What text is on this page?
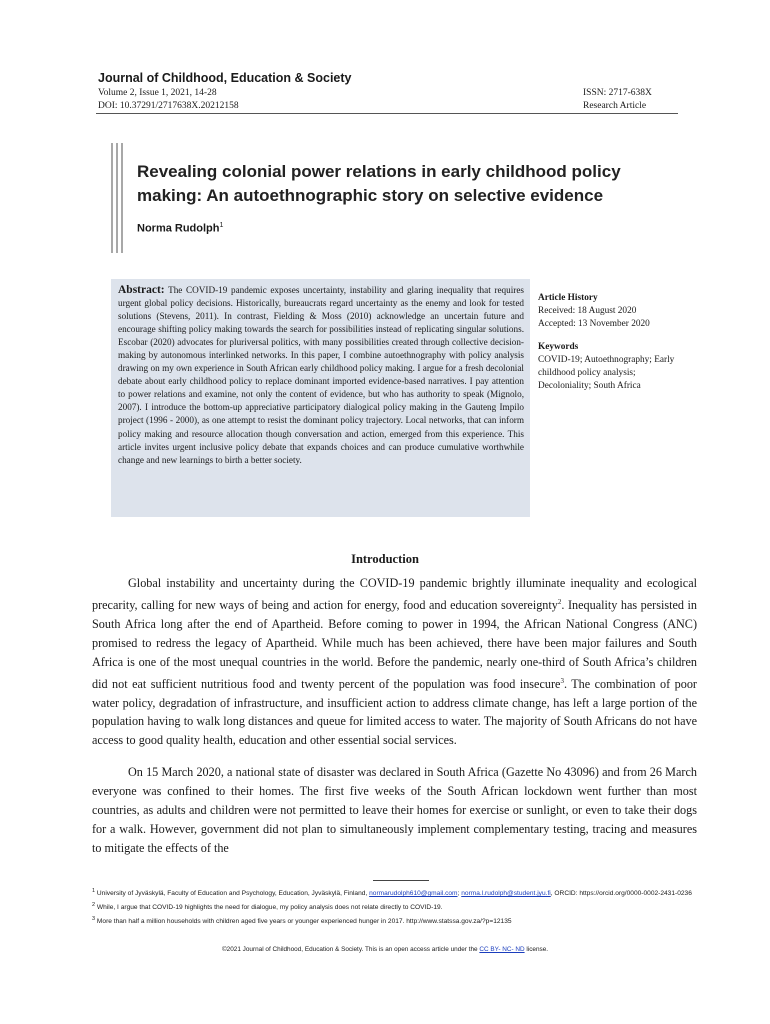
Journal of Childhood, Education & Society
Volume 2, Issue 1, 2021, 14-28
DOI: 10.37291/2717638X.20212158
ISSN: 2717-638X
Research Article
Revealing colonial power relations in early childhood policy making: An autoethnographic story on selective evidence
Norma Rudolph$^1$
Abstract: The COVID-19 pandemic exposes uncertainty, instability and glaring inequality that requires urgent global policy decisions. Historically, bureaucrats regard uncertainty as the enemy and look for tested solutions (Stevens, 2011). In contrast, Fielding & Moss (2010) acknowledge an uncertain future and encourage shifting policy making towards the search for possibilities instead of replicating singular solutions. Escobar (2020) advocates for pluriversal politics, with many possibilities created through collective decision-making by autonomous interlinked networks. In this paper, I combine autoethnography with policy analysis drawing on my own experience in South African early childhood policy making. I argue for a fresh decolonial debate about early childhood policy to replace dominant imported evidence-based narratives. I pay attention to power relations and examine, not only the content of evidence, but who has authority to speak (Mignolo, 2007). I introduce the bottom-up appreciative participatory dialogical policy making in the Gauteng Impilo project (1996 - 2000), as one attempt to resist the dominant policy trajectory. Local networks, that can inform policy making and resource allocation though conversation and action, emerged from this experience. This article invites urgent inclusive policy debate that expands choices and can produce cumulative worthwhile change and new learnings to birth a better society.
Article History
Received: 18 August 2020
Accepted: 13 November 2020
Keywords
COVID-19; Autoethnography; Early childhood policy analysis; Decoloniality; South Africa
Introduction

Global instability and uncertainty during the COVID-19 pandemic brightly illuminate inequality and ecological precarity, calling for new ways of being and action for energy, food and education sovereignty$^2$. Inequality has persisted in South Africa long after the end of Apartheid. Before coming to power in 1994, the African National Congress (ANC) promised to redress the legacy of Apartheid. While much has been achieved, there have been major failures and South Africa is one of the most unequal countries in the world. Before the pandemic, nearly one-third of South Africa’s children did not eat sufficient nutritious food and twenty percent of the population was food insecure$^3$. The combination of poor water policy, degradation of infrastructure, and insufficient action to address climate change, has left a large portion of the population having to walk long distances and queue for limited access to water. The majority of South Africans do not have access to good quality health, education and other essential social services.

On 15 March 2020, a national state of disaster was declared in South Africa (Gazette No 43096) and from 26 March everyone was confined to their homes. The first five weeks of the South African lockdown went further than most countries, as adults and children were not permitted to leave their homes for exercise or sunlight, or even to take their dogs for a walk. However, government did not plan to simultaneously implement complementary testing, tracing and measures to mitigate the effects of the

$^1$ University of Jyväskylä, Faculty of Education and Psychology, Education, Jyväskylä, Finland, normarudolph610@gmail.com; norma.l.rudolph@student.jyu.fi, ORCID: https://orcid.org/0000-0002-2431-0236
$^2$ While, I argue that COVID-19 highlights the need for dialogue, my policy analysis does not relate directly to COVID-19.
$^3$ More than half a million households with children aged five years or younger experienced hunger in 2017. http://www.statssa.gov.za/?p=12135
©2021 Journal of Childhood, Education & Society. This is an open access article under the CC BY- NC- ND license.
